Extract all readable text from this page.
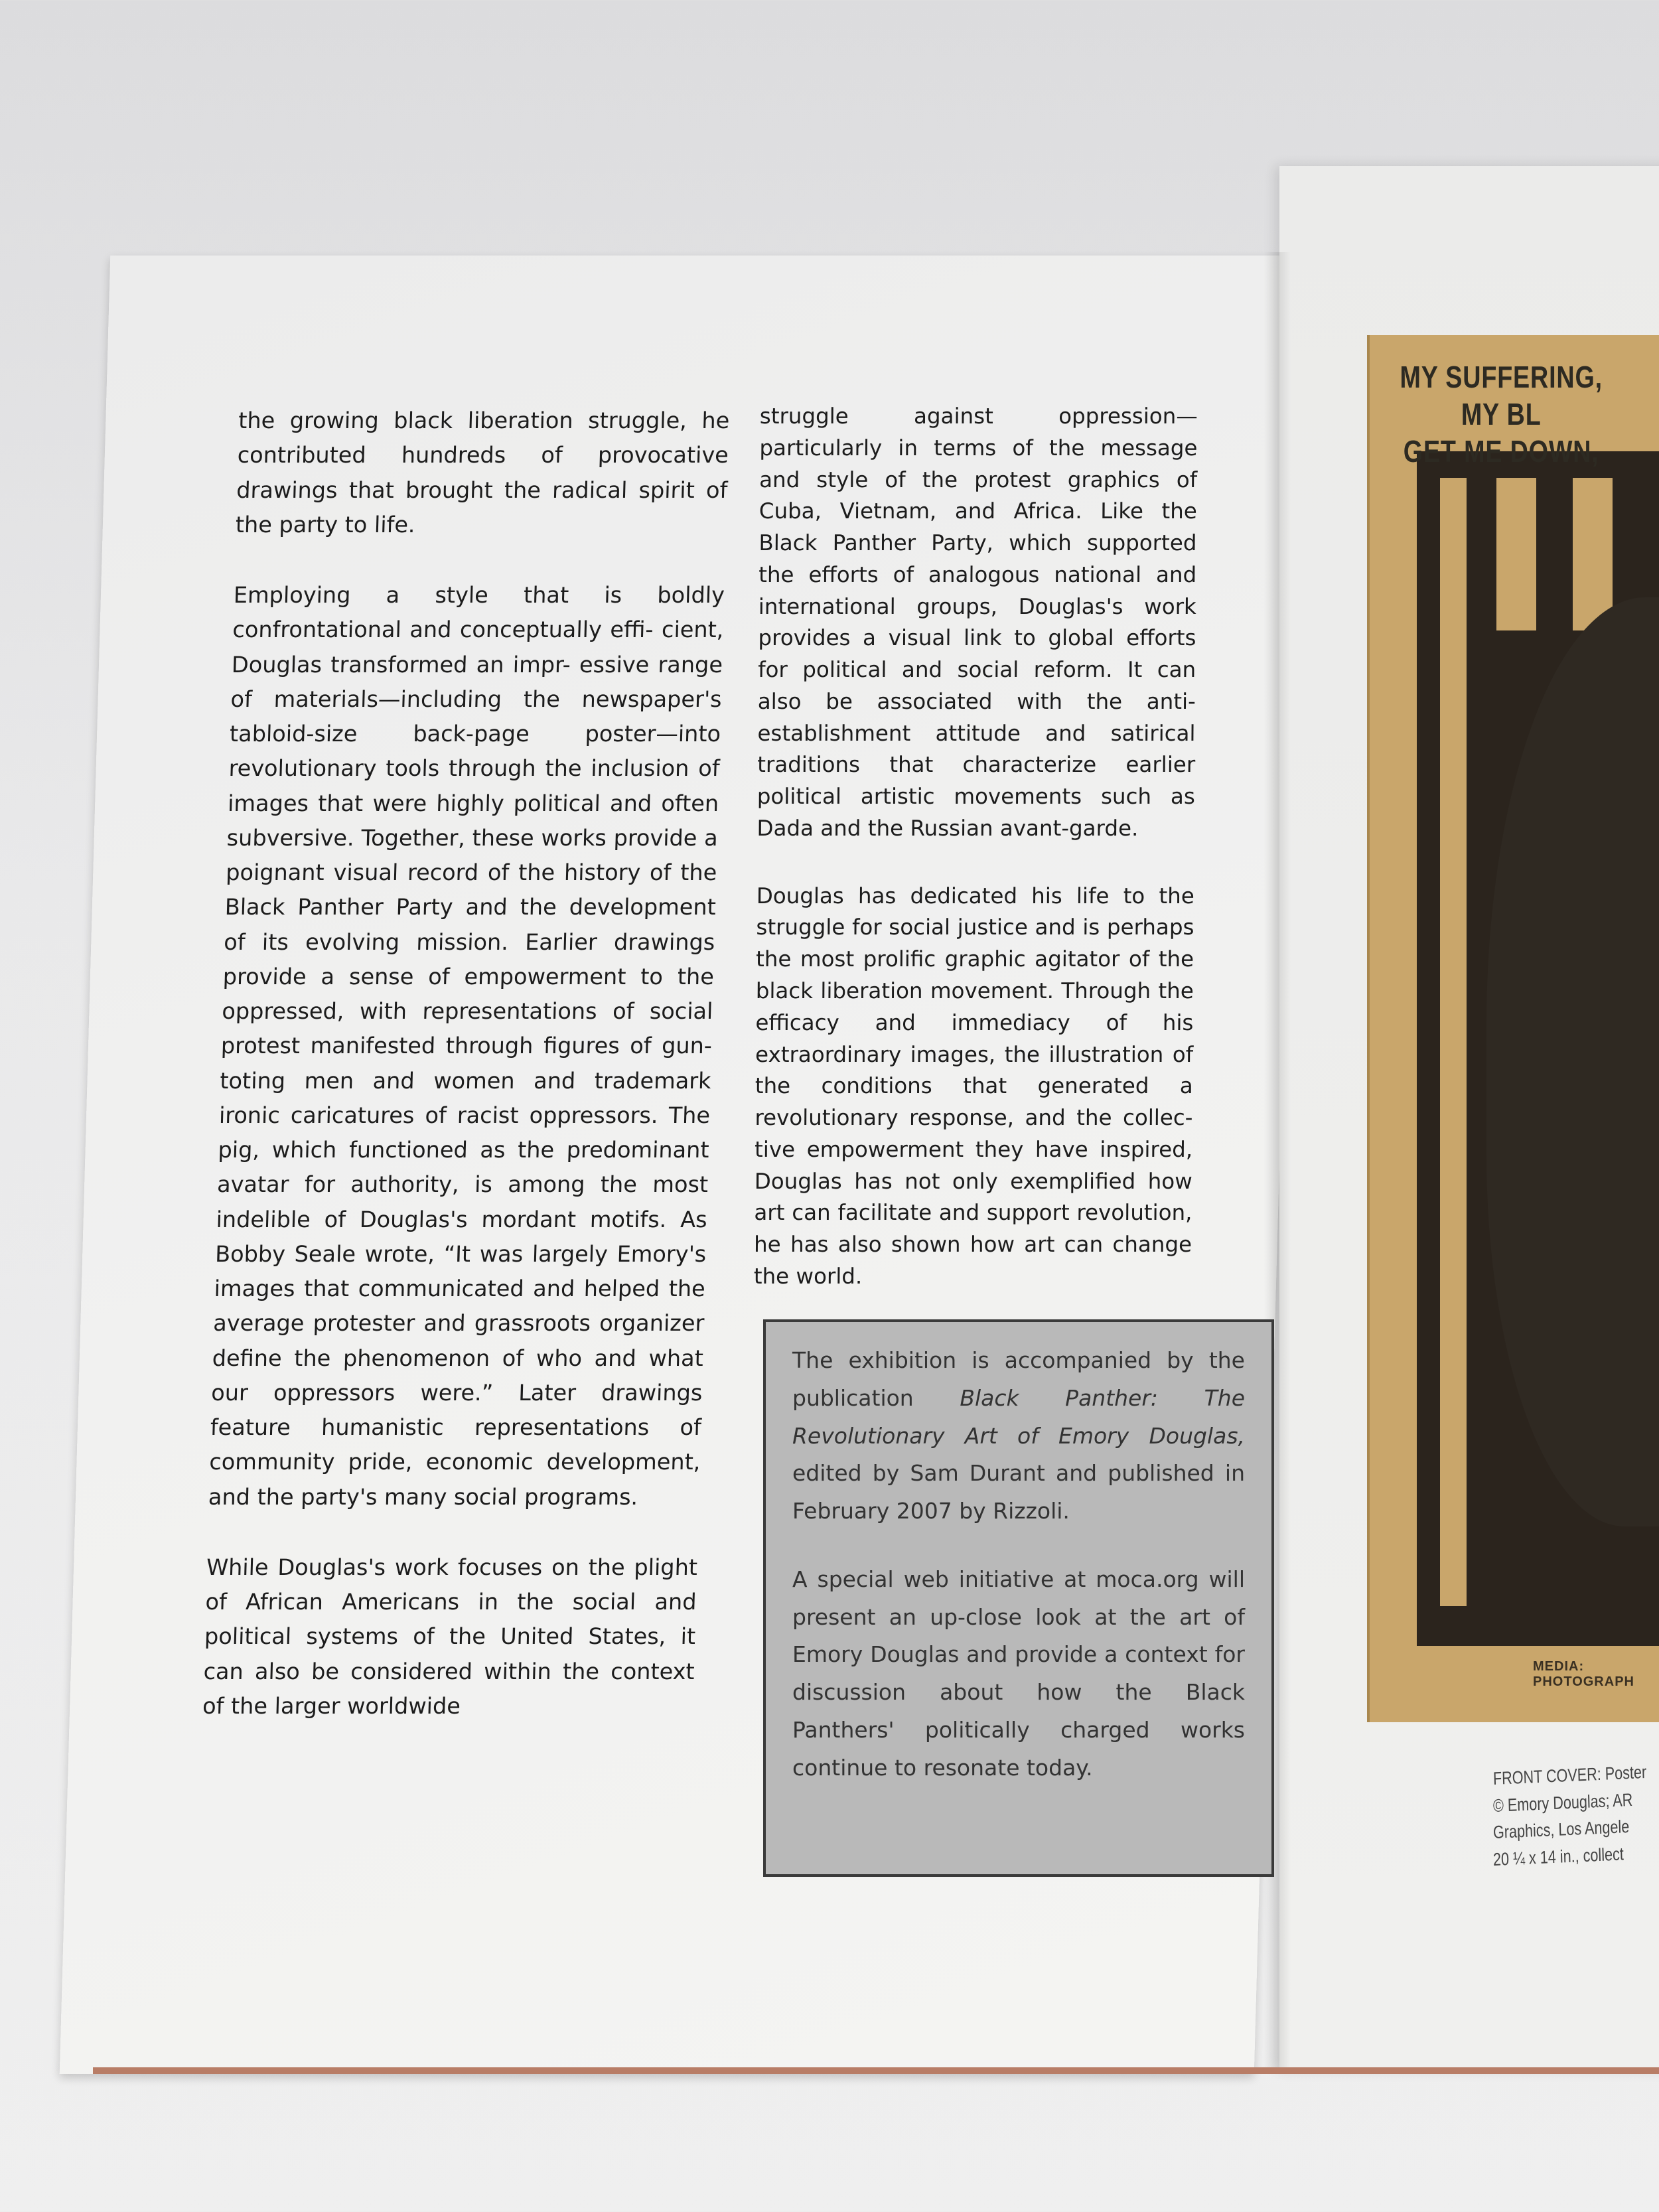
the growing black liberation struggle, he contributed hundreds of provocative drawings that brought the radical spirit of the party to life.

Employing a style that is boldly confrontational and conceptually effi- cient, Douglas transformed an impr- essive range of materials—including the newspaper's tabloid-size back-page poster—into revolutionary tools through the inclusion of images that were highly political and often subversive. Together, these works provide a poignant visual record of the history of the Black Panther Party and the development of its evolving mission. Earlier drawings provide a sense of empowerment to the oppressed, with representations of social protest manifested through figures of gun-toting men and women and trademark ironic caricatures of racist oppressors. The pig, which functioned as the predominant avatar for authority, is among the most indelible of Douglas's mordant motifs. As Bobby Seale wrote, “It was largely Emory's images that communicated and helped the average protester and grassroots organizer define the phenomenon of who and what our oppressors were.” Later drawings feature humanistic representations of community pride, economic development, and the party's many social programs.

While Douglas's work focuses on the plight of African Americans in the social and political systems of the United States, it can also be considered within the context of the larger worldwide

struggle against oppression—particularly in terms of the message and style of the protest graphics of Cuba, Vietnam, and Africa. Like the Black Panther Party, which supported the efforts of analogous national and international groups, Douglas's work provides a visual link to global efforts for political and social reform. It can also be associated with the anti-establishment attitude and satirical traditions that characterize earlier political artistic movements such as Dada and the Russian avant-garde.

Douglas has dedicated his life to the struggle for social justice and is perhaps the most prolific graphic agitator of the black liberation movement. Through the efficacy and immediacy of his extraordinary images, the illustration of the conditions that generated a revolutionary response, and the collec- tive empowerment they have inspired, Douglas has not only exemplified how art can facilitate and support revolution, he has also shown how art can change the world.

The exhibition is accompanied by the publication Black Panther: The Revolutionary Art of Emory Douglas, edited by Sam Durant and published in February 2007 by Rizzoli.

A special web initiative at moca.org will present an up-close look at the art of Emory Douglas and provide a context for discussion about how the Black Panthers' politically charged works continue to resonate today.

MY SUFFERING, MY BL
GET ME DOWN,
MEDIA: PHOTOGRAPH
FRONT COVER: Poster
© Emory Douglas; AR
Graphics, Los Angele
20 ¼ x 14 in., collect
